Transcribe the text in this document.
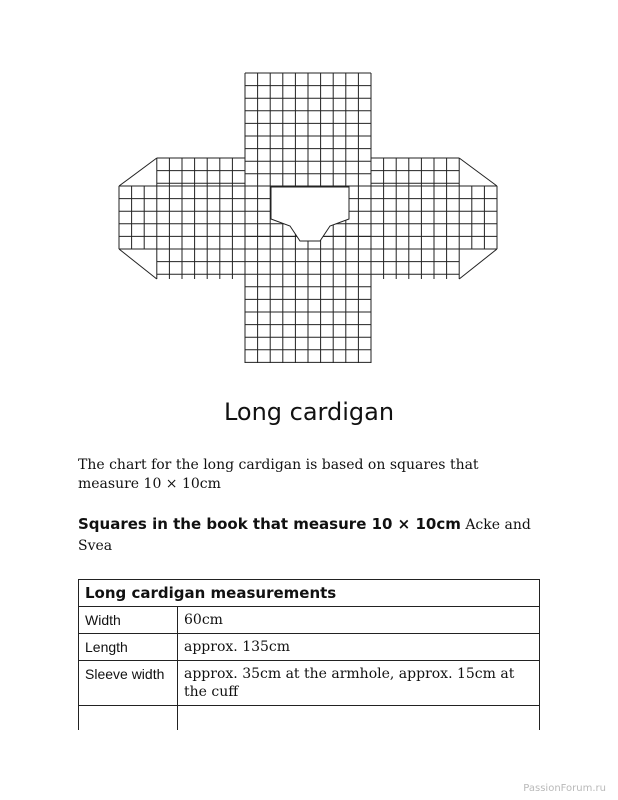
Long cardigan
The chart for the long cardigan is based on squares that measure 10 × 10cm
Squares in the book that measure 10 × 10cm Acke and Svea
Long cardigan measurements	
Width	60cm
Length	approx. 135cm
Sleeve width	approx. 35cm at the armhole, approx. 15cm at the cuff

PassionForum.ru
